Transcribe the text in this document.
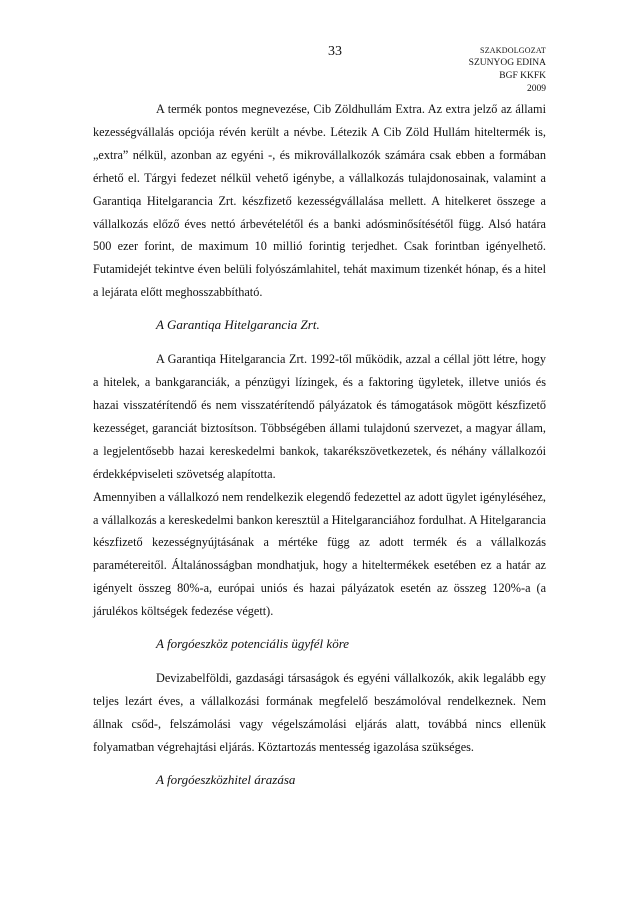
33	SZAKDOLGOZAT
SZUNYOG EDINA
BGF KKFK
2009

A termék pontos megnevezése, Cib Zöldhullám Extra. Az extra jelző az állami kezességvállalás opciója révén került a névbe. Létezik A Cib Zöld Hullám hiteltermék is, „extra” nélkül, azonban az egyéni -, és mikrovállalkozók számára csak ebben a formában érhető el. Tárgyi fedezet nélkül vehető igénybe, a vállalkozás tulajdonosainak, valamint a Garantiqa Hitelgarancia Zrt. készfizető kezességvállalása mellett. A hitelkeret összege a vállalkozás előző éves nettó árbevételétől és a banki adósminősítésétől függ. Alsó határa 500 ezer forint, de maximum 10 millió forintig terjedhet. Csak forintban igényelhető. Futamidejét tekintve éven belüli folyószámlahitel, tehát maximum tizenkét hónap, és a hitel a lejárata előtt meghosszabbítható.

A Garantiqa Hitelgarancia Zrt.

A Garantiqa Hitelgarancia Zrt. 1992-től működik, azzal a céllal jött létre, hogy a hitelek, a bankgaranciák, a pénzügyi lízingek, és a faktoring ügyletek, illetve uniós és hazai visszatérítendő és nem visszatérítendő pályázatok és támogatások mögött készfizető kezességet, garanciát biztosítson. Többségében állami tulajdonú szervezet, a magyar állam, a legjelentősebb hazai kereskedelmi bankok, takarékszövetkezetek, és néhány vállalkozói érdekképviseleti szövetség alapította.

Amennyiben a vállalkozó nem rendelkezik elegendő fedezettel az adott ügylet igényléséhez, a vállalkozás a kereskedelmi bankon keresztül a Hitelgaranciához fordulhat. A Hitelgarancia készfizető kezességnyújtásának a mértéke függ az adott termék és a vállalkozás paramétereitől. Általánosságban mondhatjuk, hogy a hiteltermékek esetében ez a határ az igényelt összeg 80%-a, európai uniós és hazai pályázatok esetén az összeg 120%-a (a járulékos költségek fedezése végett).

A forgóeszköz potenciális ügyfél köre

Devizabelföldi, gazdasági társaságok és egyéni vállalkozók, akik legalább egy teljes lezárt éves, a vállalkozási formának megfelelő beszámolóval rendelkeznek. Nem állnak csőd-, felszámolási vagy végelszámolási eljárás alatt, továbbá nincs ellenük folyamatban végrehajtási eljárás. Köztartozás mentesség igazolása szükséges.

A forgóeszközhitel árazása
